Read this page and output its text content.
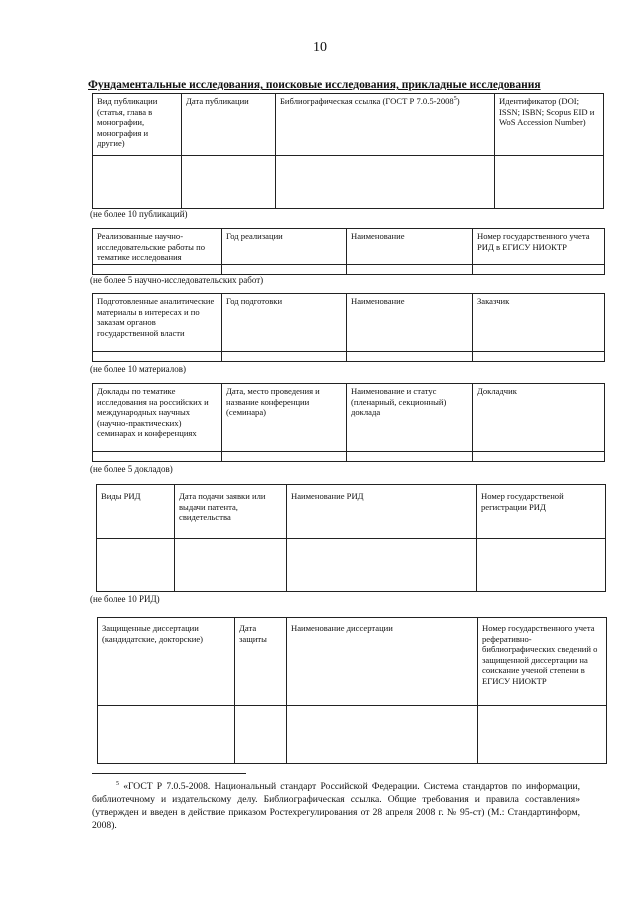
10
Фундаментальные исследования, поисковые исследования, прикладные исследования
Вид публикации (статья, глава в монографии, монография и другие)	Дата публикации	Библиографическая ссылка (ГОСТ Р 7.0.5-2008$^5$)	Идентификатор (DOI; ISSN; ISBN; Scopus EID и WoS Accession Number)

(не более 10 публикаций)
Реализованные научно-исследовательские работы по тематике исследования	Год реализации	Наименование	Номер государственного учета РИД в ЕГИСУ НИОКТР

(не более 5 научно-исследовательских работ)
Подготовленные аналитические материалы в интересах и по заказам органов государственной власти	Год подготовки	Наименование	Заказчик

(не более 10 материалов)
Доклады по тематике исследования на российских и международных научных (научно-практических) семинарах и конференциях	Дата, место проведения и название конференции (семинара)	Наименование и статус (пленарный, секционный) доклада	Докладчик

(не более 5 докладов)
Виды РИД	Дата подачи заявки или выдачи патента, свидетельства	Наименование РИД	Номер государственой регистрации РИД

(не более 10 РИД)
Защищенные диссертации (кандидатские, докторские)	Дата защиты	Наименование диссертации	Номер государственного учета реферативно-библиографических сведений о защищенной диссертации на соискание ученой степени в ЕГИСУ НИОКТР

$^5$ «ГОСТ Р 7.0.5-2008. Национальный стандарт Российской Федерации. Система стандартов по информации, библиотечному и издательскому делу. Библиографическая ссылка. Общие требования и правила составления» (утвержден и введен в действие приказом Ростехрегулирования от 28 апреля 2008 г. № 95-ст) (М.: Стандартинформ, 2008).
